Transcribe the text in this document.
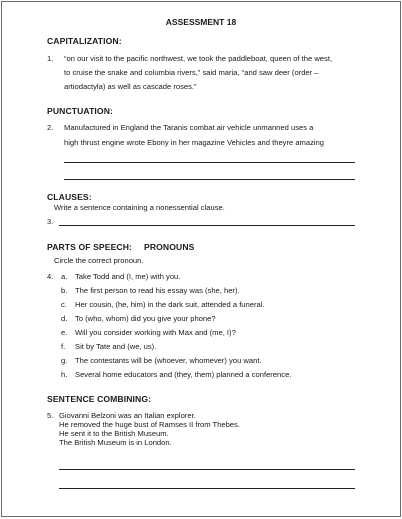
ASSESSMENT 18
CAPITALIZATION:
1. “on our visit to the pacific northwest, we took the paddleboat, queen of the west,
to cruise the snake and columbia rivers,” said maria, “and saw deer (order –
artiodactyla) as well as cascade roses.”
PUNCTUATION:
2. Manufactured in England the Taranis combat air vehicle unmanned uses a
high thrust engine wrote Ebony in her magazine Vehicles and theyre amazing
CLAUSES:
Write a sentence containing a nonessential clause.
3.
PARTS OF SPEECH: PRONOUNS
Circle the correct pronoun.
4. a. Take Todd and (I, me) with you.
b. The first person to read his essay was (she, her).
c. Her cousin, (he, him) in the dark suit, attended a funeral.
d. To (who, whom) did you give your phone?
e. Will you consider working with Max and (me, I)?
f. Sit by Tate and (we, us).
g. The contestants will be (whoever, whomever) you want.
h. Several home educators and (they, them) planned a conference.
SENTENCE COMBINING:
5. Giovanni Belzoni was an Italian explorer.
He removed the huge bust of Ramses II from Thebes.
He sent it to the British Museum.
The British Museum is in London.
